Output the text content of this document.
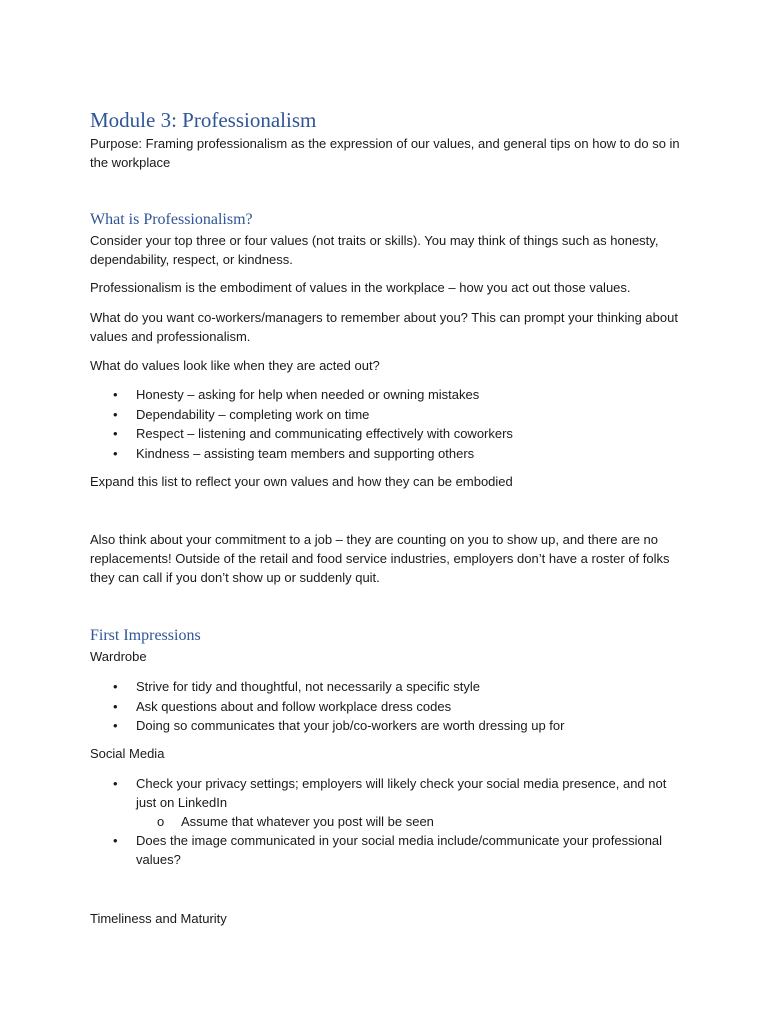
Module 3: Professionalism

Purpose: Framing professionalism as the expression of our values, and general tips on how to do so in the workplace

What is Professionalism?

Consider your top three or four values (not traits or skills). You may think of things such as honesty, dependability, respect, or kindness.

Professionalism is the embodiment of values in the workplace – how you act out those values.

What do you want co-workers/managers to remember about you? This can prompt your thinking about values and professionalism.

What do values look like when they are acted out?

• Honesty – asking for help when needed or owning mistakes
• Dependability – completing work on time
• Respect – listening and communicating effectively with coworkers
• Kindness – assisting team members and supporting others

Expand this list to reflect your own values and how they can be embodied

Also think about your commitment to a job – they are counting on you to show up, and there are no replacements! Outside of the retail and food service industries, employers don’t have a roster of folks they can call if you don’t show up or suddenly quit.

First Impressions

Wardrobe

• Strive for tidy and thoughtful, not necessarily a specific style
• Ask questions about and follow workplace dress codes
• Doing so communicates that your job/co-workers are worth dressing up for

Social Media

• Check your privacy settings; employers will likely check your social media presence, and not just on LinkedIn
o Assume that whatever you post will be seen
• Does the image communicated in your social media include/communicate your professional values?

Timeliness and Maturity
